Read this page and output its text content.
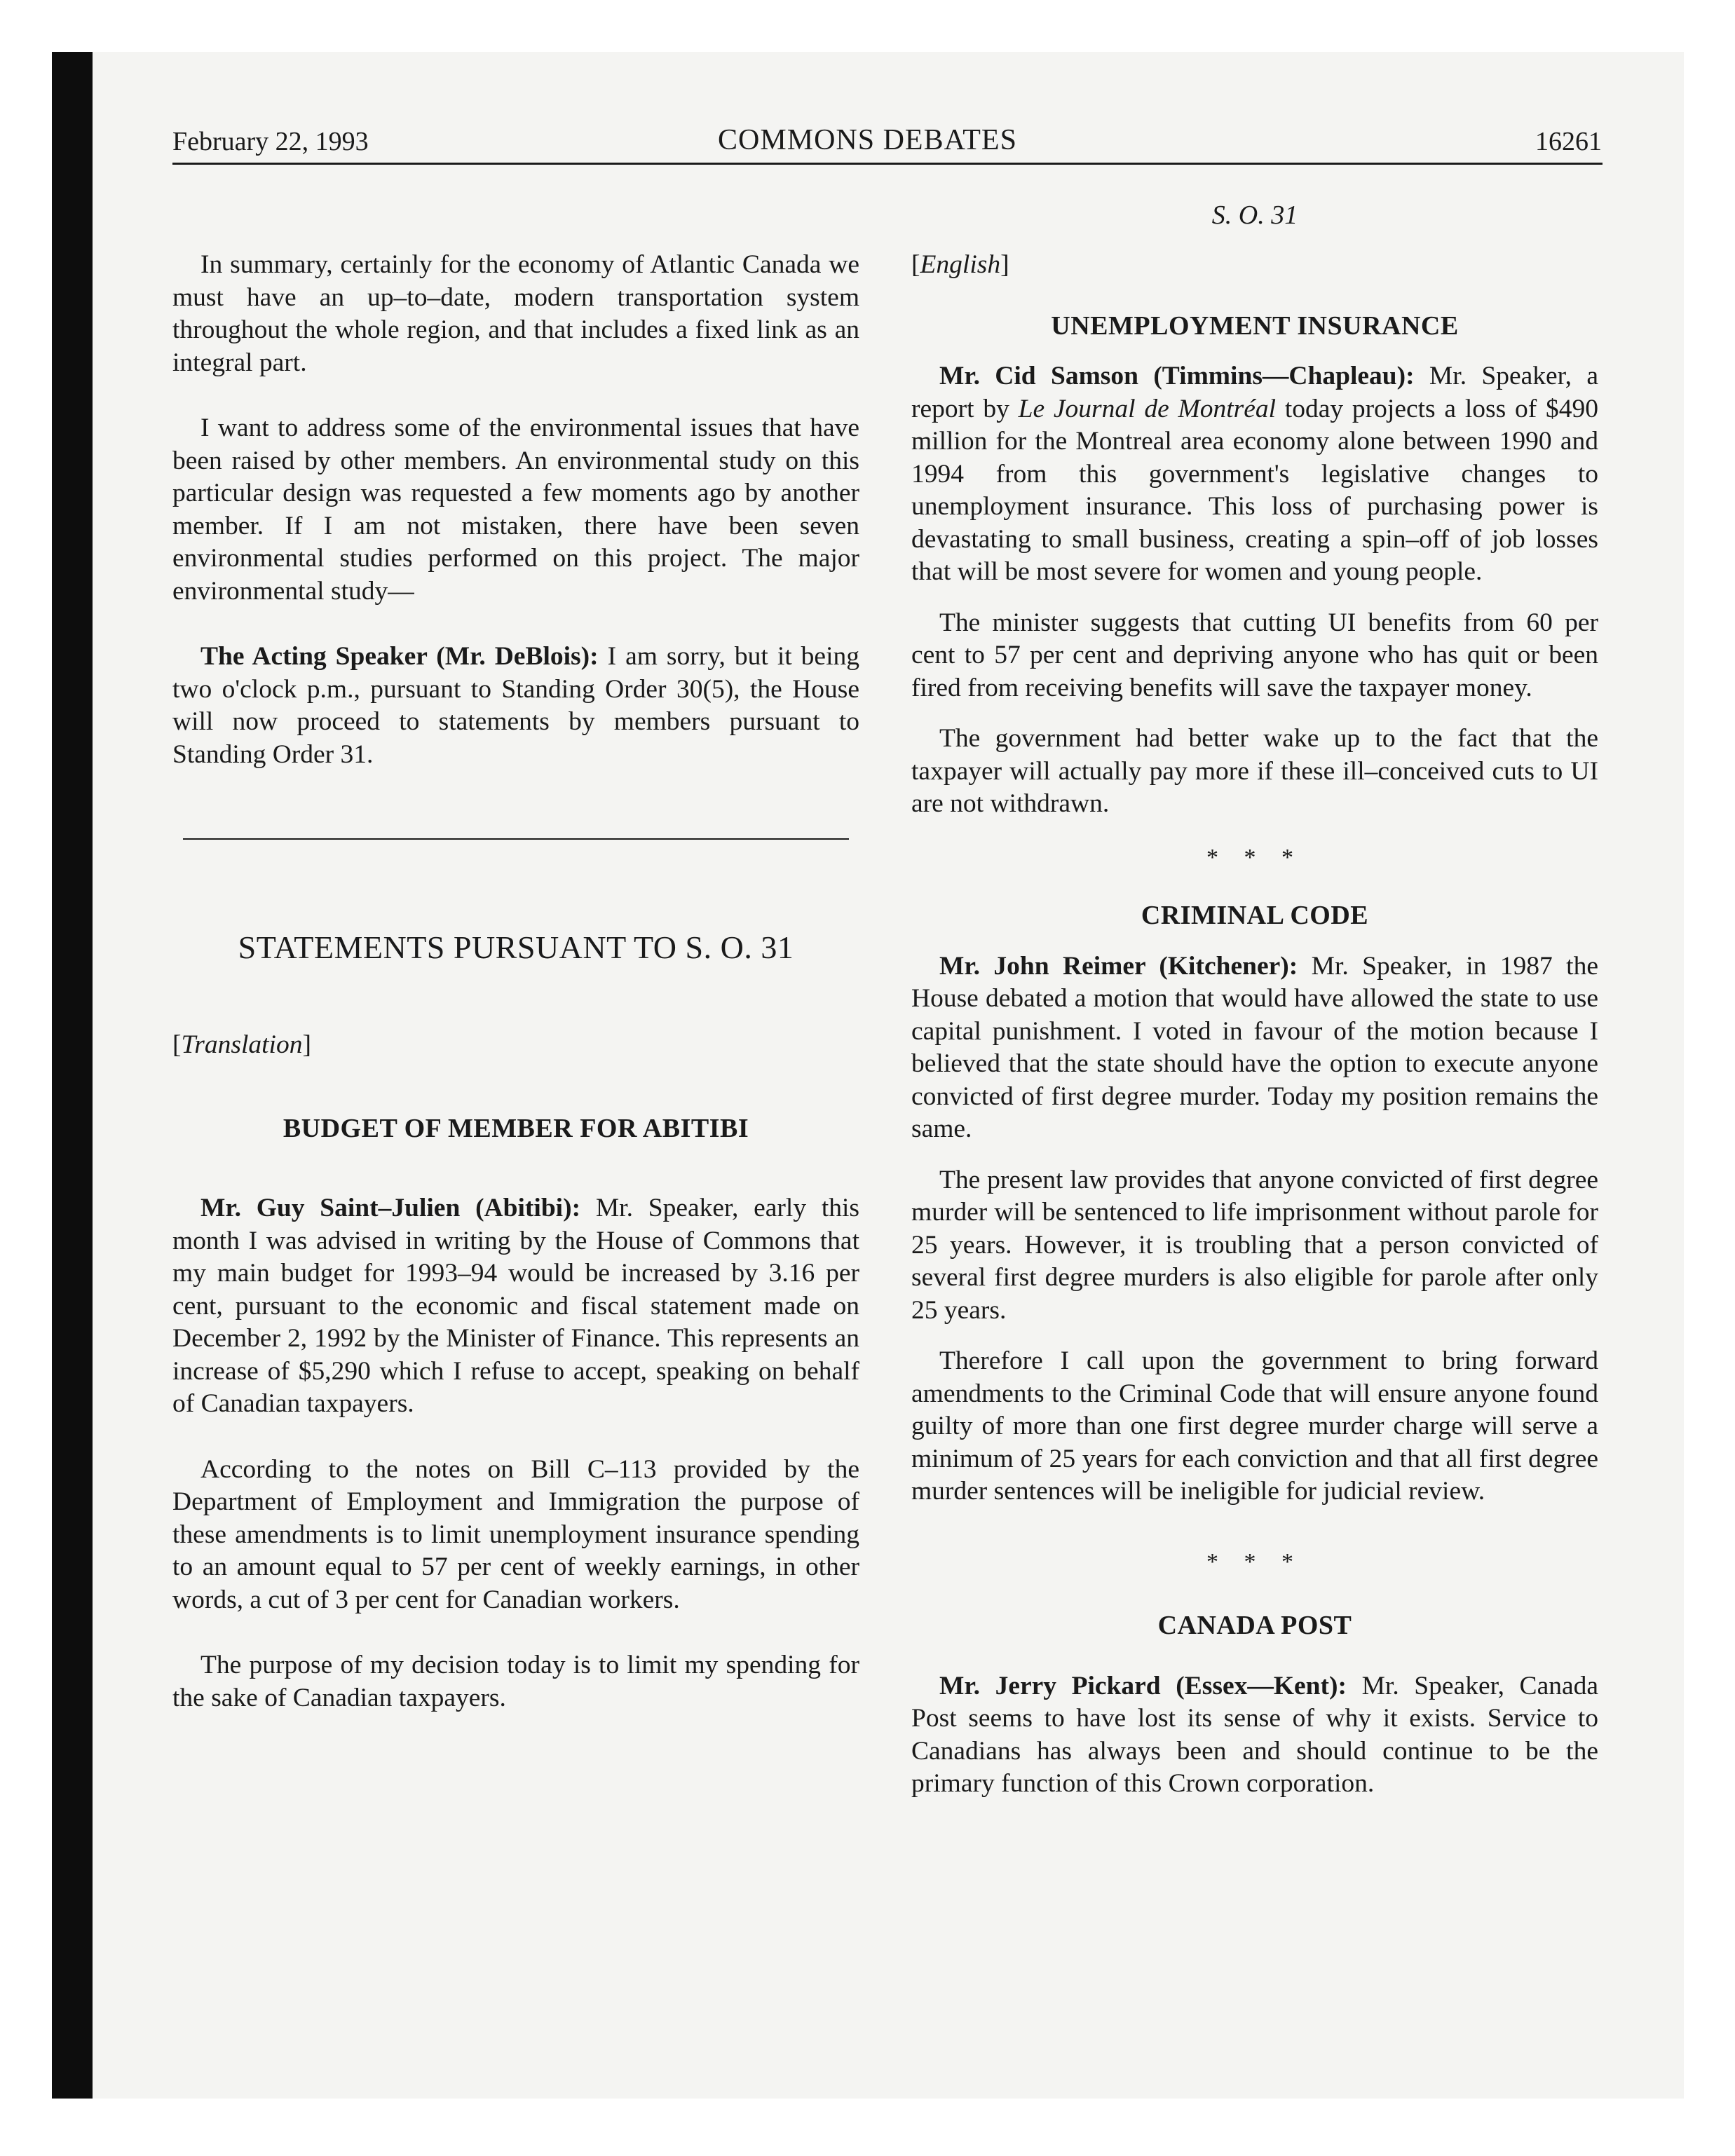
February 22, 1993	COMMONS DEBATES	16261
S. O. 31

In summary, certainly for the economy of Atlantic Canada we must have an up–to–date, modern transportation system throughout the whole region, and that includes a fixed link as an integral part.

I want to address some of the environmental issues that have been raised by other members. An environmental study on this particular design was requested a few moments ago by another member. If I am not mistaken, there have been seven environmental studies performed on this project. The major environmental study—

The Acting Speaker (Mr. DeBlois): I am sorry, but it being two o'clock p.m., pursuant to Standing Order 30(5), the House will now proceed to statements by members pursuant to Standing Order 31.

STATEMENTS PURSUANT TO S. O. 31
[Translation]
BUDGET OF MEMBER FOR ABITIBI

Mr. Guy Saint–Julien (Abitibi): Mr. Speaker, early this month I was advised in writing by the House of Commons that my main budget for 1993–94 would be increased by 3.16 per cent, pursuant to the economic and fiscal statement made on December 2, 1992 by the Minister of Finance. This represents an increase of $5,290 which I refuse to accept, speaking on behalf of Canadian taxpayers.

According to the notes on Bill C–113 provided by the Department of Employment and Immigration the purpose of these amendments is to limit unemployment insurance spending to an amount equal to 57 per cent of weekly earnings, in other words, a cut of 3 per cent for Canadian workers.

The purpose of my decision today is to limit my spending for the sake of Canadian taxpayers.

[English]
UNEMPLOYMENT INSURANCE

Mr. Cid Samson (Timmins—Chapleau): Mr. Speaker, a report by Le Journal de Montréal today projects a loss of $490 million for the Montreal area economy alone between 1990 and 1994 from this government's legislative changes to unemployment insurance. This loss of purchasing power is devastating to small business, creating a spin–off of job losses that will be most severe for women and young people.

The minister suggests that cutting UI benefits from 60 per cent to 57 per cent and depriving anyone who has quit or been fired from receiving benefits will save the taxpayer money.

The government had better wake up to the fact that the taxpayer will actually pay more if these ill–conceived cuts to UI are not withdrawn.

* * *
CRIMINAL CODE

Mr. John Reimer (Kitchener): Mr. Speaker, in 1987 the House debated a motion that would have allowed the state to use capital punishment. I voted in favour of the motion because I believed that the state should have the option to execute anyone convicted of first degree murder. Today my position remains the same.

The present law provides that anyone convicted of first degree murder will be sentenced to life imprisonment without parole for 25 years. However, it is troubling that a person convicted of several first degree murders is also eligible for parole after only 25 years.

Therefore I call upon the government to bring forward amendments to the Criminal Code that will ensure anyone found guilty of more than one first degree murder charge will serve a minimum of 25 years for each conviction and that all first degree murder sentences will be ineligible for judicial review.

* * *
CANADA POST

Mr. Jerry Pickard (Essex—Kent): Mr. Speaker, Canada Post seems to have lost its sense of why it exists. Service to Canadians has always been and should continue to be the primary function of this Crown corporation.
